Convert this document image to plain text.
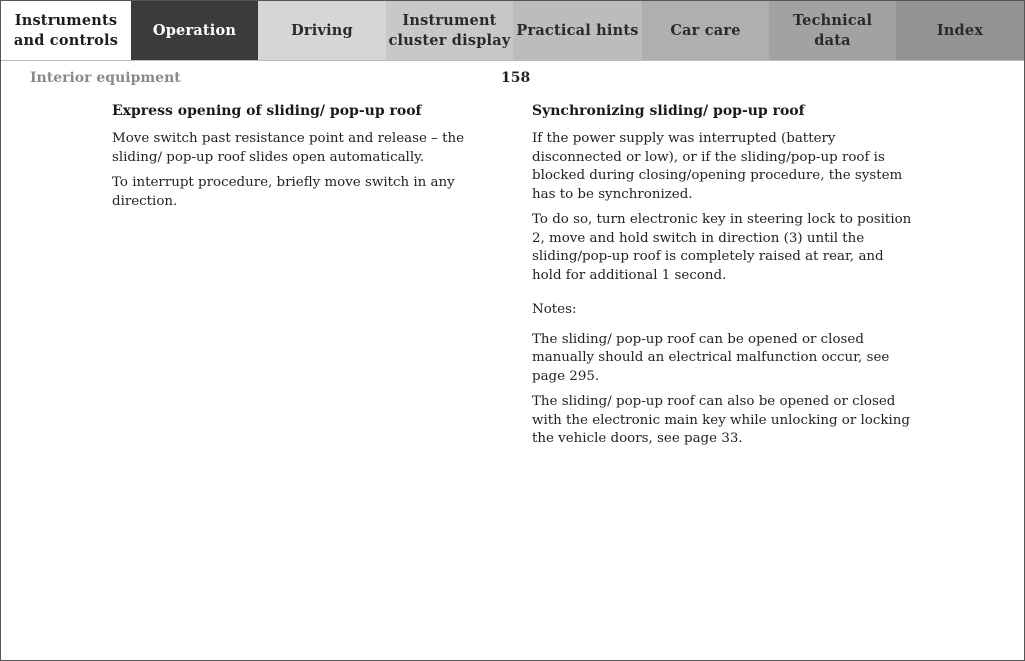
Instruments
and controls
Operation	Driving
Instrument
cluster display
Practical hints	Car care
Technical
data
Index
Interior equipment	158
Express opening of sliding/ pop-up roof

Move switch past resistance point and release – the sliding/ pop-up roof slides open automatically.

To interrupt procedure, briefly move switch in any direction.

Synchronizing sliding/ pop-up roof

If the power supply was interrupted (battery disconnected or low), or if the sliding/pop-up roof is blocked during closing/opening procedure, the system has to be synchronized.

To do so, turn electronic key in steering lock to position 2, move and hold switch in direction (3) until the sliding/pop-up roof is completely raised at rear, and hold for additional 1 second.

Notes:

The sliding/ pop-up roof can be opened or closed manually should an electrical malfunction occur, see page 295.

The sliding/ pop-up roof can also be opened or closed with the electronic main key while unlocking or locking the vehicle doors, see page 33.
